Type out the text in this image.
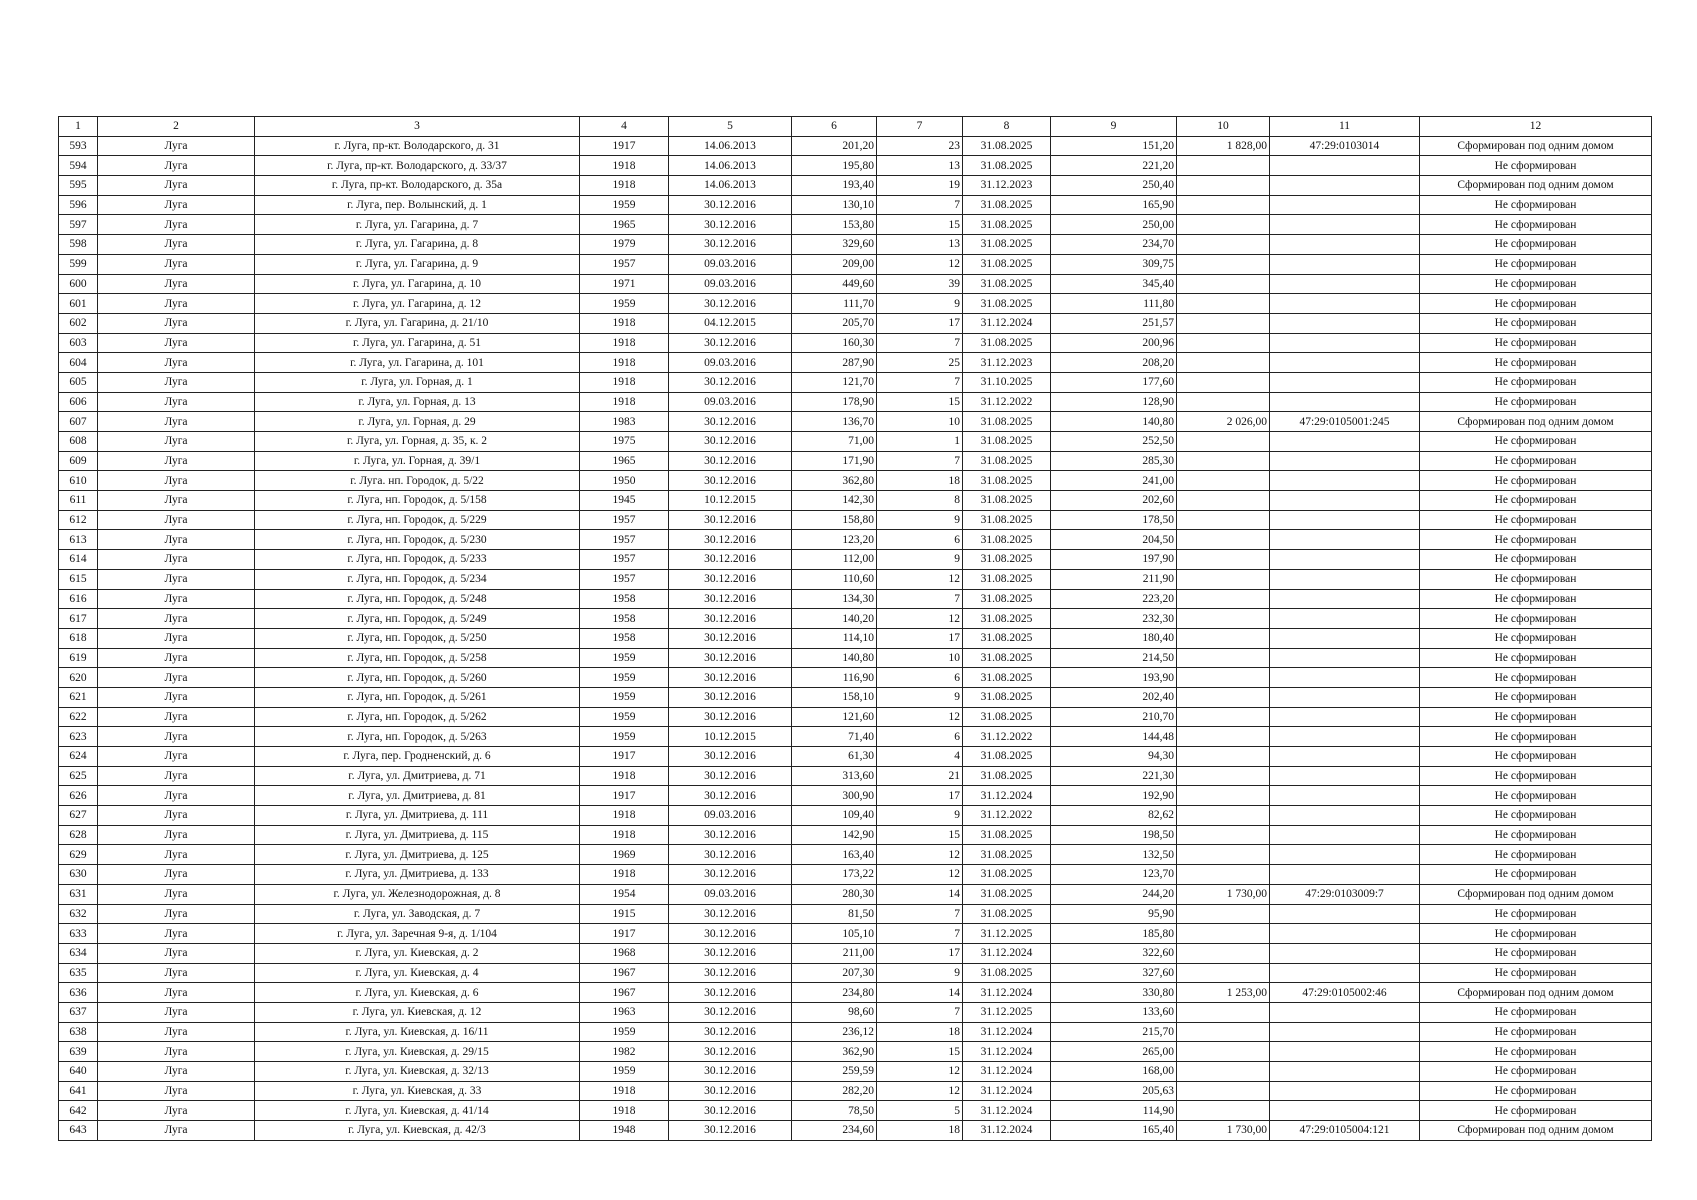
1	2	3	4	5	6	7	8	9	10	11	12
593	Луга	г. Луга, пр-кт. Володарского, д. 31	1917	14.06.2013	201,20	23	31.08.2025	151,20	1 828,00	47:29:0103014	Сформирован под одним домом
594	Луга	г. Луга, пр-кт. Володарского, д. 33/37	1918	14.06.2013	195,80	13	31.08.2025	221,20			Не сформирован
595	Луга	г. Луга, пр-кт. Володарского, д. 35а	1918	14.06.2013	193,40	19	31.12.2023	250,40			Сформирован под одним домом
596	Луга	г. Луга, пер. Волынский, д. 1	1959	30.12.2016	130,10	7	31.08.2025	165,90			Не сформирован
597	Луга	г. Луга, ул. Гагарина, д. 7	1965	30.12.2016	153,80	15	31.08.2025	250,00			Не сформирован
598	Луга	г. Луга, ул. Гагарина, д. 8	1979	30.12.2016	329,60	13	31.08.2025	234,70			Не сформирован
599	Луга	г. Луга, ул. Гагарина, д. 9	1957	09.03.2016	209,00	12	31.08.2025	309,75			Не сформирован
600	Луга	г. Луга, ул. Гагарина, д. 10	1971	09.03.2016	449,60	39	31.08.2025	345,40			Не сформирован
601	Луга	г. Луга, ул. Гагарина, д. 12	1959	30.12.2016	111,70	9	31.08.2025	111,80			Не сформирован
602	Луга	г. Луга, ул. Гагарина, д. 21/10	1918	04.12.2015	205,70	17	31.12.2024	251,57			Не сформирован
603	Луга	г. Луга, ул. Гагарина, д. 51	1918	30.12.2016	160,30	7	31.08.2025	200,96			Не сформирован
604	Луга	г. Луга, ул. Гагарина, д. 101	1918	09.03.2016	287,90	25	31.12.2023	208,20			Не сформирован
605	Луга	г. Луга, ул. Горная, д. 1	1918	30.12.2016	121,70	7	31.10.2025	177,60			Не сформирован
606	Луга	г. Луга, ул. Горная, д. 13	1918	09.03.2016	178,90	15	31.12.2022	128,90			Не сформирован
607	Луга	г. Луга, ул. Горная, д. 29	1983	30.12.2016	136,70	10	31.08.2025	140,80	2 026,00	47:29:0105001:245	Сформирован под одним домом
608	Луга	г. Луга, ул. Горная, д. 35, к. 2	1975	30.12.2016	71,00	1	31.08.2025	252,50			Не сформирован
609	Луга	г. Луга, ул. Горная, д. 39/1	1965	30.12.2016	171,90	7	31.08.2025	285,30			Не сформирован
610	Луга	г. Луга. нп. Городок, д. 5/22	1950	30.12.2016	362,80	18	31.08.2025	241,00			Не сформирован
611	Луга	г. Луга, нп. Городок, д. 5/158	1945	10.12.2015	142,30	8	31.08.2025	202,60			Не сформирован
612	Луга	г. Луга, нп. Городок, д. 5/229	1957	30.12.2016	158,80	9	31.08.2025	178,50			Не сформирован
613	Луга	г. Луга, нп. Городок, д. 5/230	1957	30.12.2016	123,20	6	31.08.2025	204,50			Не сформирован
614	Луга	г. Луга, нп. Городок, д. 5/233	1957	30.12.2016	112,00	9	31.08.2025	197,90			Не сформирован
615	Луга	г. Луга, нп. Городок, д. 5/234	1957	30.12.2016	110,60	12	31.08.2025	211,90			Не сформирован
616	Луга	г. Луга, нп. Городок, д. 5/248	1958	30.12.2016	134,30	7	31.08.2025	223,20			Не сформирован
617	Луга	г. Луга, нп. Городок, д. 5/249	1958	30.12.2016	140,20	12	31.08.2025	232,30			Не сформирован
618	Луга	г. Луга, нп. Городок, д. 5/250	1958	30.12.2016	114,10	17	31.08.2025	180,40			Не сформирован
619	Луга	г. Луга, нп. Городок, д. 5/258	1959	30.12.2016	140,80	10	31.08.2025	214,50			Не сформирован
620	Луга	г. Луга, нп. Городок, д. 5/260	1959	30.12.2016	116,90	6	31.08.2025	193,90			Не сформирован
621	Луга	г. Луга, нп. Городок, д. 5/261	1959	30.12.2016	158,10	9	31.08.2025	202,40			Не сформирован
622	Луга	г. Луга, нп. Городок, д. 5/262	1959	30.12.2016	121,60	12	31.08.2025	210,70			Не сформирован
623	Луга	г. Луга, нп. Городок, д. 5/263	1959	10.12.2015	71,40	6	31.12.2022	144,48			Не сформирован
624	Луга	г. Луга, пер. Гродненский, д. 6	1917	30.12.2016	61,30	4	31.08.2025	94,30			Не сформирован
625	Луга	г. Луга, ул. Дмитриева, д. 71	1918	30.12.2016	313,60	21	31.08.2025	221,30			Не сформирован
626	Луга	г. Луга, ул. Дмитриева, д. 81	1917	30.12.2016	300,90	17	31.12.2024	192,90			Не сформирован
627	Луга	г. Луга, ул. Дмитриева, д. 111	1918	09.03.2016	109,40	9	31.12.2022	82,62			Не сформирован
628	Луга	г. Луга, ул. Дмитриева, д. 115	1918	30.12.2016	142,90	15	31.08.2025	198,50			Не сформирован
629	Луга	г. Луга, ул. Дмитриева, д. 125	1969	30.12.2016	163,40	12	31.08.2025	132,50			Не сформирован
630	Луга	г. Луга, ул. Дмитриева, д. 133	1918	30.12.2016	173,22	12	31.08.2025	123,70			Не сформирован
631	Луга	г. Луга, ул. Железнодорожная, д. 8	1954	09.03.2016	280,30	14	31.08.2025	244,20	1 730,00	47:29:0103009:7	Сформирован под одним домом
632	Луга	г. Луга, ул. Заводская, д. 7	1915	30.12.2016	81,50	7	31.08.2025	95,90			Не сформирован
633	Луга	г. Луга, ул. Заречная 9-я, д. 1/104	1917	30.12.2016	105,10	7	31.12.2025	185,80			Не сформирован
634	Луга	г. Луга, ул. Киевская, д. 2	1968	30.12.2016	211,00	17	31.12.2024	322,60			Не сформирован
635	Луга	г. Луга, ул. Киевская, д. 4	1967	30.12.2016	207,30	9	31.08.2025	327,60			Не сформирован
636	Луга	г. Луга, ул. Киевская, д. 6	1967	30.12.2016	234,80	14	31.12.2024	330,80	1 253,00	47:29:0105002:46	Сформирован под одним домом
637	Луга	г. Луга, ул. Киевская, д. 12	1963	30.12.2016	98,60	7	31.12.2025	133,60			Не сформирован
638	Луга	г. Луга, ул. Киевская, д. 16/11	1959	30.12.2016	236,12	18	31.12.2024	215,70			Не сформирован
639	Луга	г. Луга, ул. Киевская, д. 29/15	1982	30.12.2016	362,90	15	31.12.2024	265,00			Не сформирован
640	Луга	г. Луга, ул. Киевская, д. 32/13	1959	30.12.2016	259,59	12	31.12.2024	168,00			Не сформирован
641	Луга	г. Луга, ул. Киевская, д. 33	1918	30.12.2016	282,20	12	31.12.2024	205,63			Не сформирован
642	Луга	г. Луга, ул. Киевская, д. 41/14	1918	30.12.2016	78,50	5	31.12.2024	114,90			Не сформирован
643	Луга	г. Луга, ул. Киевская, д. 42/3	1948	30.12.2016	234,60	18	31.12.2024	165,40	1 730,00	47:29:0105004:121	Сформирован под одним домом
